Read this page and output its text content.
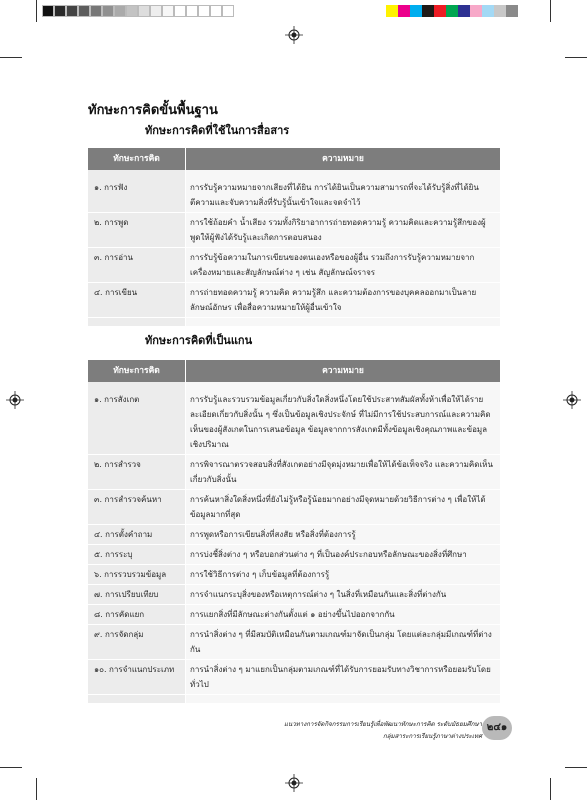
ทักษะการคิดขั้นพื้นฐาน
ทักษะการคิดที่ใช้ในการสื่อสาร
ทักษะการคิด	ความหมาย

๑. การฟัง	การรับรู้ความหมายจากเสียงที่ได้ยิน การได้ยินเป็นความสามารถที่จะได้รับรู้สิ่งที่ได้ยินตีความและจับความสิ่งที่รับรู้นั้นเข้าใจและจดจำไว้
๒. การพูด	การใช้ถ้อยคำ น้ำเสียง รวมทั้งกิริยาอาการถ่ายทอดความรู้ ความคิดและความรู้สึกของผู้พูดให้ผู้ฟังได้รับรู้และเกิดการตอบสนอง
๓. การอ่าน	การรับรู้ข้อความในการเขียนของตนเองหรือของผู้อื่น รวมถึงการรับรู้ความหมายจากเครื่องหมายและสัญลักษณ์ต่าง ๆ เช่น สัญลักษณ์จราจร
๔. การเขียน	การถ่ายทอดความรู้ ความคิด ความรู้สึก และความต้องการของบุคคลออกมาเป็นลายลักษณ์อักษร เพื่อสื่อความหมายให้ผู้อื่นเข้าใจ

ทักษะการคิดที่เป็นแกน
ทักษะการคิด	ความหมาย

๑. การสังเกต	การรับรู้และรวบรวมข้อมูลเกี่ยวกับสิ่งใดสิ่งหนึ่งโดยใช้ประสาทสัมผัสทั้งห้าเพื่อให้ได้รายละเอียดเกี่ยวกับสิ่งนั้น ๆ ซึ่งเป็นข้อมูลเชิงประจักษ์ ที่ไม่มีการใช้ประสบการณ์และความคิดเห็นของผู้สังเกตในการเสนอข้อมูล ข้อมูลจากการสังเกตมีทั้งข้อมูลเชิงคุณภาพและข้อมูลเชิงปริมาณ
๒. การสำรวจ	การพิจารณาตรวจสอบสิ่งที่สังเกตอย่างมีจุดมุ่งหมายเพื่อให้ได้ข้อเท็จจริง และความคิดเห็นเกี่ยวกับสิ่งนั้น
๓. การสำรวจค้นหา	การค้นหาสิ่งใดสิ่งหนึ่งที่ยังไม่รู้หรือรู้น้อยมากอย่างมีจุดหมายด้วยวิธีการต่าง ๆ เพื่อให้ได้ข้อมูลมากที่สุด
๔. การตั้งคำถาม	การพูดหรือการเขียนสิ่งที่สงสัย หรือสิ่งที่ต้องการรู้
๕. การระบุ	การบ่งชี้สิ่งต่าง ๆ หรือบอกส่วนต่าง ๆ ที่เป็นองค์ประกอบหรือลักษณะของสิ่งที่ศึกษา
๖. การรวบรวมข้อมูล	การใช้วิธีการต่าง ๆ เก็บข้อมูลที่ต้องการรู้
๗. การเปรียบเทียบ	การจำแนกระบุสิ่งของหรือเหตุการณ์ต่าง ๆ ในสิ่งที่เหมือนกันและสิ่งที่ต่างกัน
๘. การคัดแยก	การแยกสิ่งที่มีลักษณะต่างกันตั้งแต่ ๑ อย่างขึ้นไปออกจากกัน
๙. การจัดกลุ่ม	การนำสิ่งต่าง ๆ ที่มีสมบัติเหมือนกันตามเกณฑ์มาจัดเป็นกลุ่ม โดยแต่ละกลุ่มมีเกณฑ์ที่ต่างกัน
๑๐. การจำแนกประเภท	การนำสิ่งต่าง ๆ มาแยกเป็นกลุ่มตามเกณฑ์ที่ได้รับการยอมรับทางวิชาการหรือยอมรับโดยทั่วไป

แนวทางการจัดกิจกรรมการเรียนรู้เพื่อพัฒนาทักษะการคิด ระดับมัธยมศึกษา
กลุ่มสาระการเรียนรู้ภาษาต่างประเทศ
๒๔๑
